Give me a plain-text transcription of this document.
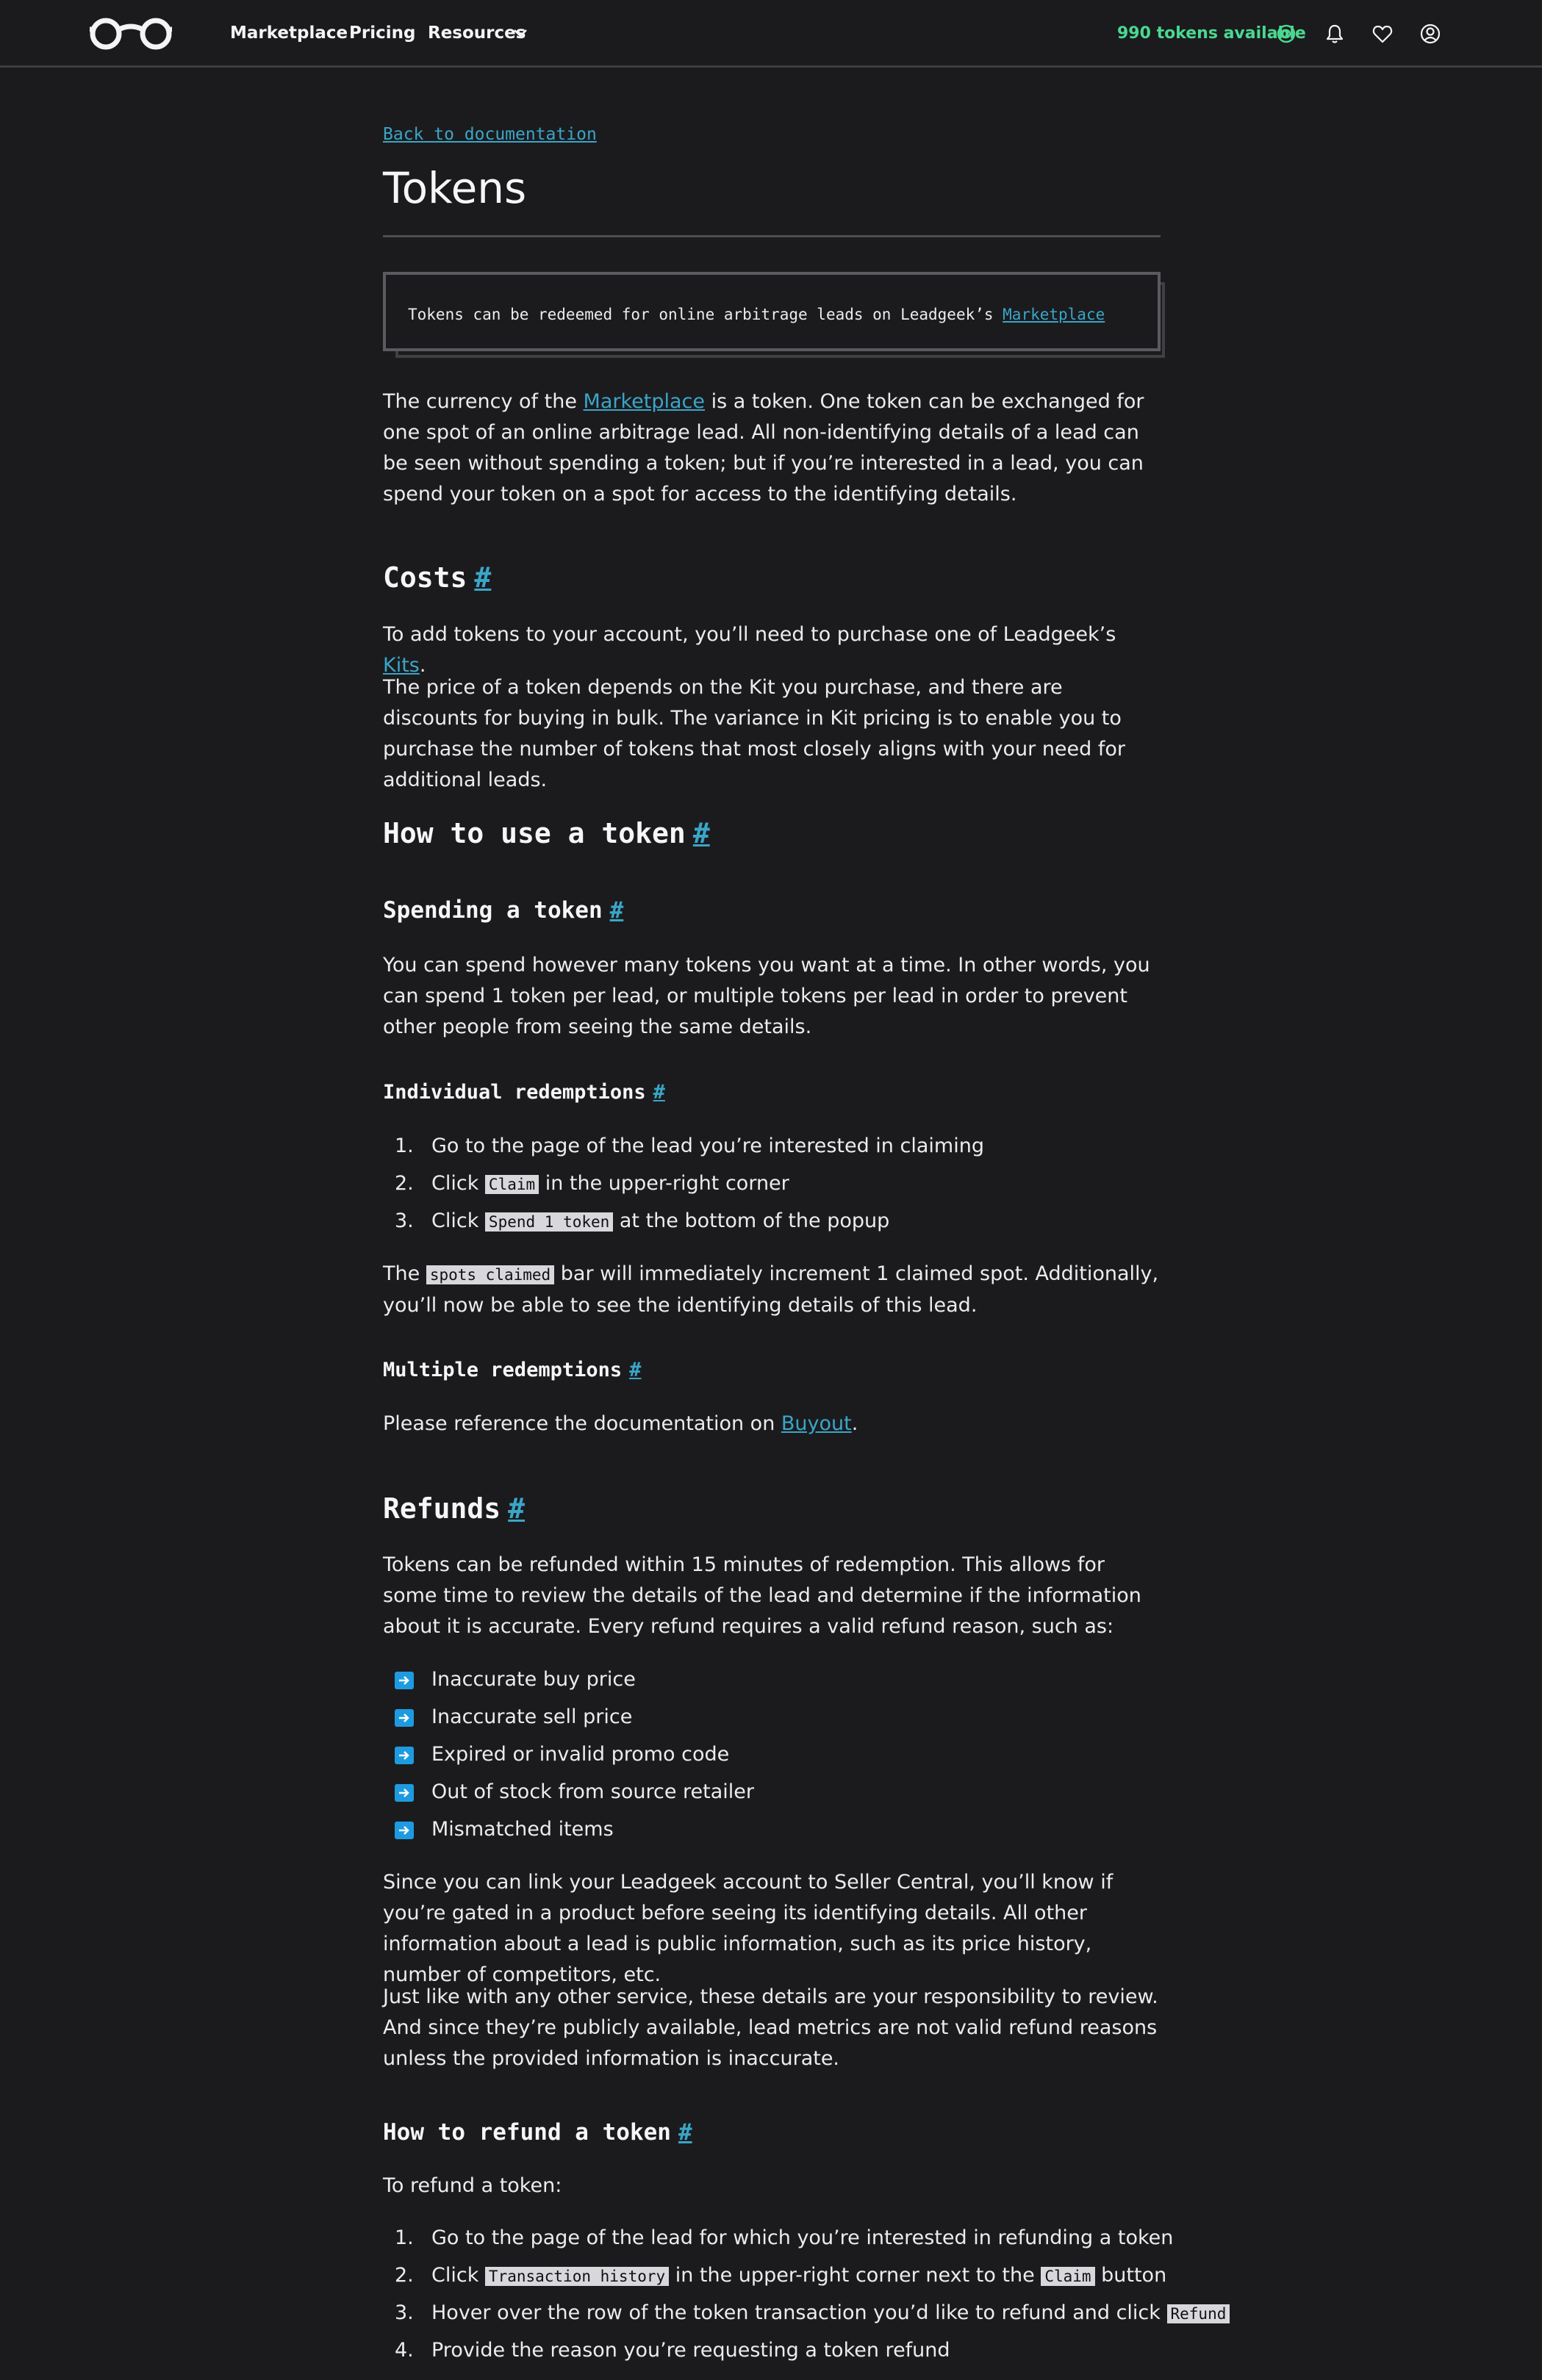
Marketplace Pricing Resources	990 tokens available
Back to documentation
Tokens
Tokens can be redeemed for online arbitrage leads on Leadgeek’s Marketplace

The currency of the Marketplace is a token. One token can be exchanged for one spot of an online arbitrage lead. All non-identifying details of a lead can be seen without spending a token; but if you’re interested in a lead, you can spend your token on a spot for access to the identifying details.

Costs #

To add tokens to your account, you’ll need to purchase one of Leadgeek’s Kits.

The price of a token depends on the Kit you purchase, and there are discounts for buying in bulk. The variance in Kit pricing is to enable you to purchase the number of tokens that most closely aligns with your need for additional leads.

How to use a token #
Spending a token #

You can spend however many tokens you want at a time. In other words, you can spend 1 token per lead, or multiple tokens per lead in order to prevent other people from seeing the same details.

Individual redemptions #
1. Go to the page of the lead you’re interested in claiming
2. Click Claim in the upper-right corner
3. Click Spend 1 token at the bottom of the popup

The spots claimed bar will immediately increment 1 claimed spot. Additionally, you’ll now be able to see the identifying details of this lead.

Multiple redemptions #

Please reference the documentation on Buyout.

Refunds #

Tokens can be refunded within 15 minutes of redemption. This allows for some time to review the details of the lead and determine if the information about it is accurate. Every refund requires a valid refund reason, such as:

Inaccurate buy price
Inaccurate sell price
Expired or invalid promo code
Out of stock from source retailer
Mismatched items

Since you can link your Leadgeek account to Seller Central, you’ll know if you’re gated in a product before seeing its identifying details. All other information about a lead is public information, such as its price history, number of competitors, etc.

Just like with any other service, these details are your responsibility to review. And since they’re publicly available, lead metrics are not valid refund reasons unless the provided information is inaccurate.

How to refund a token #

To refund a token:

1. Go to the page of the lead for which you’re interested in refunding a token
2. Click Transaction history in the upper-right corner next to the Claim button
3. Hover over the row of the token transaction you’d like to refund and click Refund
4. Provide the reason you’re requesting a token refund
